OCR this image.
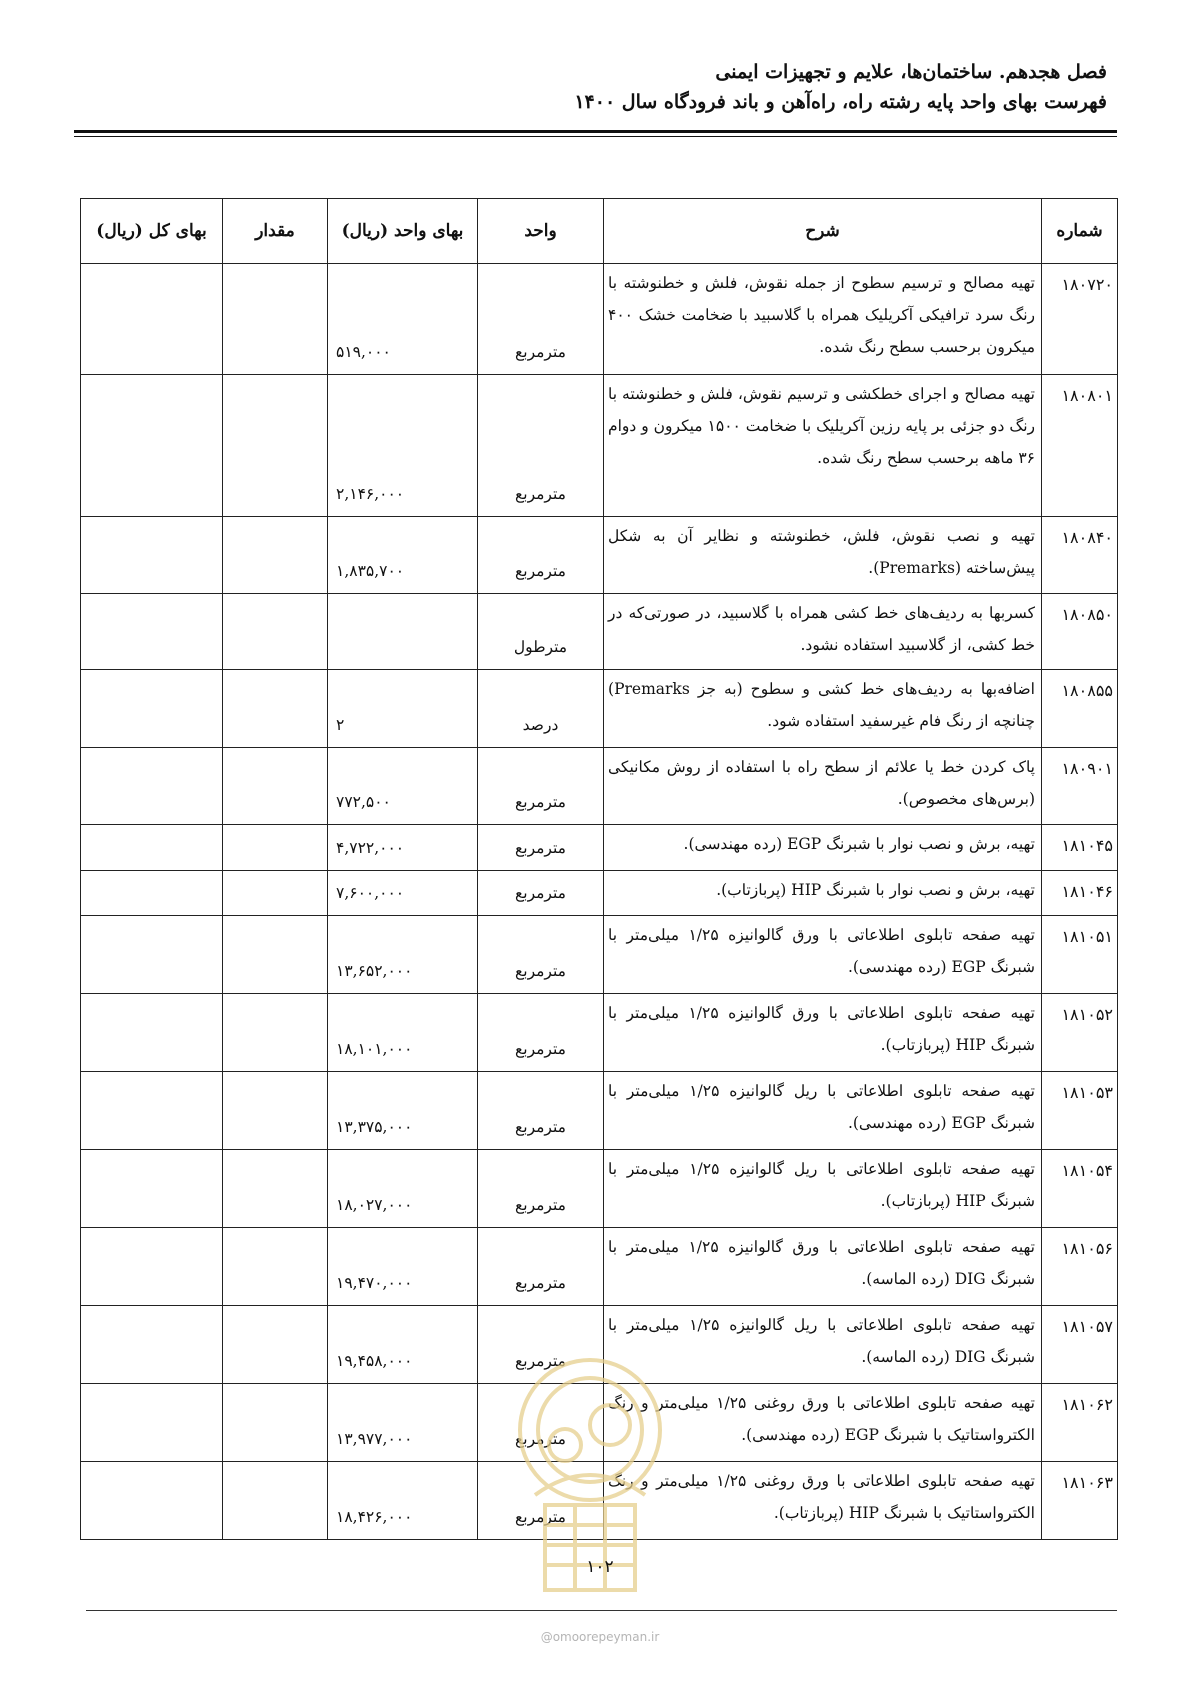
فصل هجدهم. ساختمان‌ها، علایم و تجهیزات ایمنی
فهرست بهای واحد پایه رشته راه، راه‌آهن و باند فرودگاه سال ۱۴۰۰
شماره	شرح	واحد	بهای واحد (ریال)	مقدار	بهای کل (ریال)
۱۸۰۷۲۰	تهیه مصالح و ترسیم سطوح از جمله نقوش، فلش و خطنوشته با رنگ سرد ترافیکی آکریلیک همراه با گلاسبید با ضخامت خشک ۴۰۰ میکرون برحسب سطح رنگ شده.	مترمربع	۵۱۹,۰۰۰		
۱۸۰۸۰۱	تهیه مصالح و اجرای خطکشی و ترسیم نقوش، فلش و خطنوشته با رنگ دو جزئی بر پایه رزین آکریلیک با ضخامت ۱۵۰۰ میکرون و دوام ۳۶ ماهه برحسب سطح رنگ شده.	مترمربع	۲,۱۴۶,۰۰۰		
۱۸۰۸۴۰	تهیه و نصب نقوش، فلش، خطنوشته و نظایر آن به شکل پیش‌ساخته (Premarks).	مترمربع	۱,۸۳۵,۷۰۰		
۱۸۰۸۵۰	کسربها به ردیف‌های خط کشی همراه با گلاسبید، در صورتی‌که در خط کشی، از گلاسبید استفاده نشود.	مترطول			
۱۸۰۸۵۵	اضافه‌بها به ردیف‌های خط کشی و سطوح (به جز Premarks) چنانچه از رنگ فام غیرسفید استفاده شود.	درصد	۲		
۱۸۰۹۰۱	پاک کردن خط یا علائم از سطح راه با استفاده از روش مکانیکی (برس‌های مخصوص).	مترمربع	۷۷۲,۵۰۰		
۱۸۱۰۴۵	تهیه، برش و نصب نوار با شبرنگ EGP (رده مهندسی).	مترمربع	۴,۷۲۲,۰۰۰		
۱۸۱۰۴۶	تهیه، برش و نصب نوار با شبرنگ HIP (پربازتاب).	مترمربع	۷,۶۰۰,۰۰۰		
۱۸۱۰۵۱	تهیه صفحه تابلوی اطلاعاتی با ورق گالوانیزه ۱/۲۵ میلی‌متر با شبرنگ EGP (رده مهندسی).	مترمربع	۱۳,۶۵۲,۰۰۰		
۱۸۱۰۵۲	تهیه صفحه تابلوی اطلاعاتی با ورق گالوانیزه ۱/۲۵ میلی‌متر با شبرنگ HIP (پربازتاب).	مترمربع	۱۸,۱۰۱,۰۰۰		
۱۸۱۰۵۳	تهیه صفحه تابلوی اطلاعاتی با ریل گالوانیزه ۱/۲۵ میلی‌متر با شبرنگ EGP (رده مهندسی).	مترمربع	۱۳,۳۷۵,۰۰۰		
۱۸۱۰۵۴	تهیه صفحه تابلوی اطلاعاتی با ریل گالوانیزه ۱/۲۵ میلی‌متر با شبرنگ HIP (پربازتاب).	مترمربع	۱۸,۰۲۷,۰۰۰		
۱۸۱۰۵۶	تهیه صفحه تابلوی اطلاعاتی با ورق گالوانیزه ۱/۲۵ میلی‌متر با شبرنگ DIG (رده الماسه).	مترمربع	۱۹,۴۷۰,۰۰۰		
۱۸۱۰۵۷	تهیه صفحه تابلوی اطلاعاتی با ریل گالوانیزه ۱/۲۵ میلی‌متر با شبرنگ DIG (رده الماسه).	مترمربع	۱۹,۴۵۸,۰۰۰		
۱۸۱۰۶۲	تهیه صفحه تابلوی اطلاعاتی با ورق روغنی ۱/۲۵ میلی‌متر و رنگ الکترواستاتیک با شبرنگ EGP (رده مهندسی).	مترمربع	۱۳,۹۷۷,۰۰۰		
۱۸۱۰۶۳	تهیه صفحه تابلوی اطلاعاتی با ورق روغنی ۱/۲۵ میلی‌متر و رنگ الکترواستاتیک با شبرنگ HIP (پربازتاب).	مترمربع	۱۸,۴۲۶,۰۰۰		
۱۰۲
@omoorepeyman.ir
